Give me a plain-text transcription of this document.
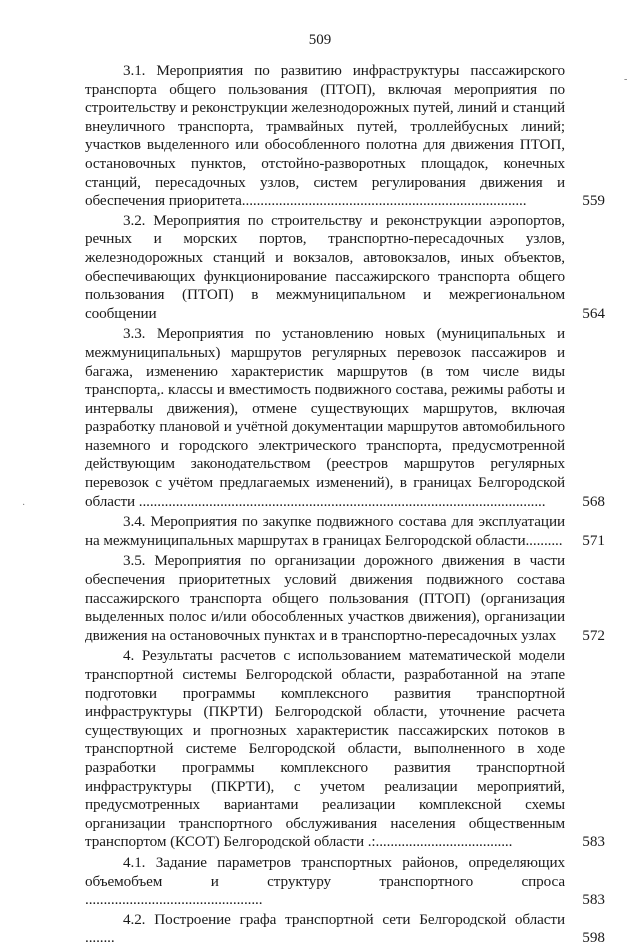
509
3.1. Мероприятия по развитию инфраструктуры пассажирского транспорта общего пользования (ПТОП), включая мероприятия по строительству и реконструкции железнодорожных путей, линий и станций внеуличного транспорта, трамвайных путей, троллейбусных линий; участков выделенного или обособленного полотна для движения ПТОП, остановочных пунктов, отстойно-разворотных площадок, конечных станций, пересадочных узлов, систем регулирования движения и обеспечения приоритета.............................................................................	559
3.2. Мероприятия по строительству и реконструкции аэропортов, речных и морских портов, транспортно-пересадочных узлов, железнодорожных станций и вокзалов, автовокзалов, иных объектов, обеспечивающих функционирование пассажирского транспорта общего пользования (ПТОП) в межмуниципальном и межрегиональном сообщении	564
3.3. Мероприятия по установлению новых (муниципальных и межмуниципальных) маршрутов регулярных перевозок пассажиров и багажа, изменению характеристик маршрутов (в том числе виды транспорта,. классы и вместимость подвижного состава, режимы работы и интервалы движения), отмене существующих маршрутов, включая разработку плановой и учётной документации маршрутов автомобильного наземного и городского электрического транспорта, предусмотренной действующим законодательством (реестров маршрутов регулярных перевозок с учётом предлагаемых изменений), в границах Белгородской области ..............................................................................................................	568
3.4. Мероприятия по закупке подвижного состава для эксплуатации на межмуниципальных маршрутах в границах Белгородской области..........	571
3.5. Мероприятия по организации дорожного движения в части обеспечения приоритетных условий движения подвижного состава пассажирского транспорта общего пользования (ПТОП) (организация выделенных полос и/или обособленных участков движения), организации движения на остановочных пунктах и в транспортно-пересадочных узлах	572
4. Результаты расчетов с использованием математической модели транспортной системы Белгородской области, разработанной на этапе подготовки программы комплексного развития транспортной инфраструктуры (ПКРТИ) Белгородской области, уточнение расчета существующих и прогнозных характеристик пассажирских потоков в транспортной системе Белгородской области, выполненного в ходе разработки программы комплексного развития транспортной инфраструктуры (ПКРТИ), с учетом реализации мероприятий, предусмотренных вариантами реализации комплексной схемы организации транспортного обслуживания населения общественным транспортом (КСОТ) Белгородской области .:.....................................	583
4.1. Задание параметров транспортных районов, определяющих объемобъем и структуру транспортного спроса ................................................	583
4.2. Построение графа транспортной сети Белгородской области ........	598
-
·
